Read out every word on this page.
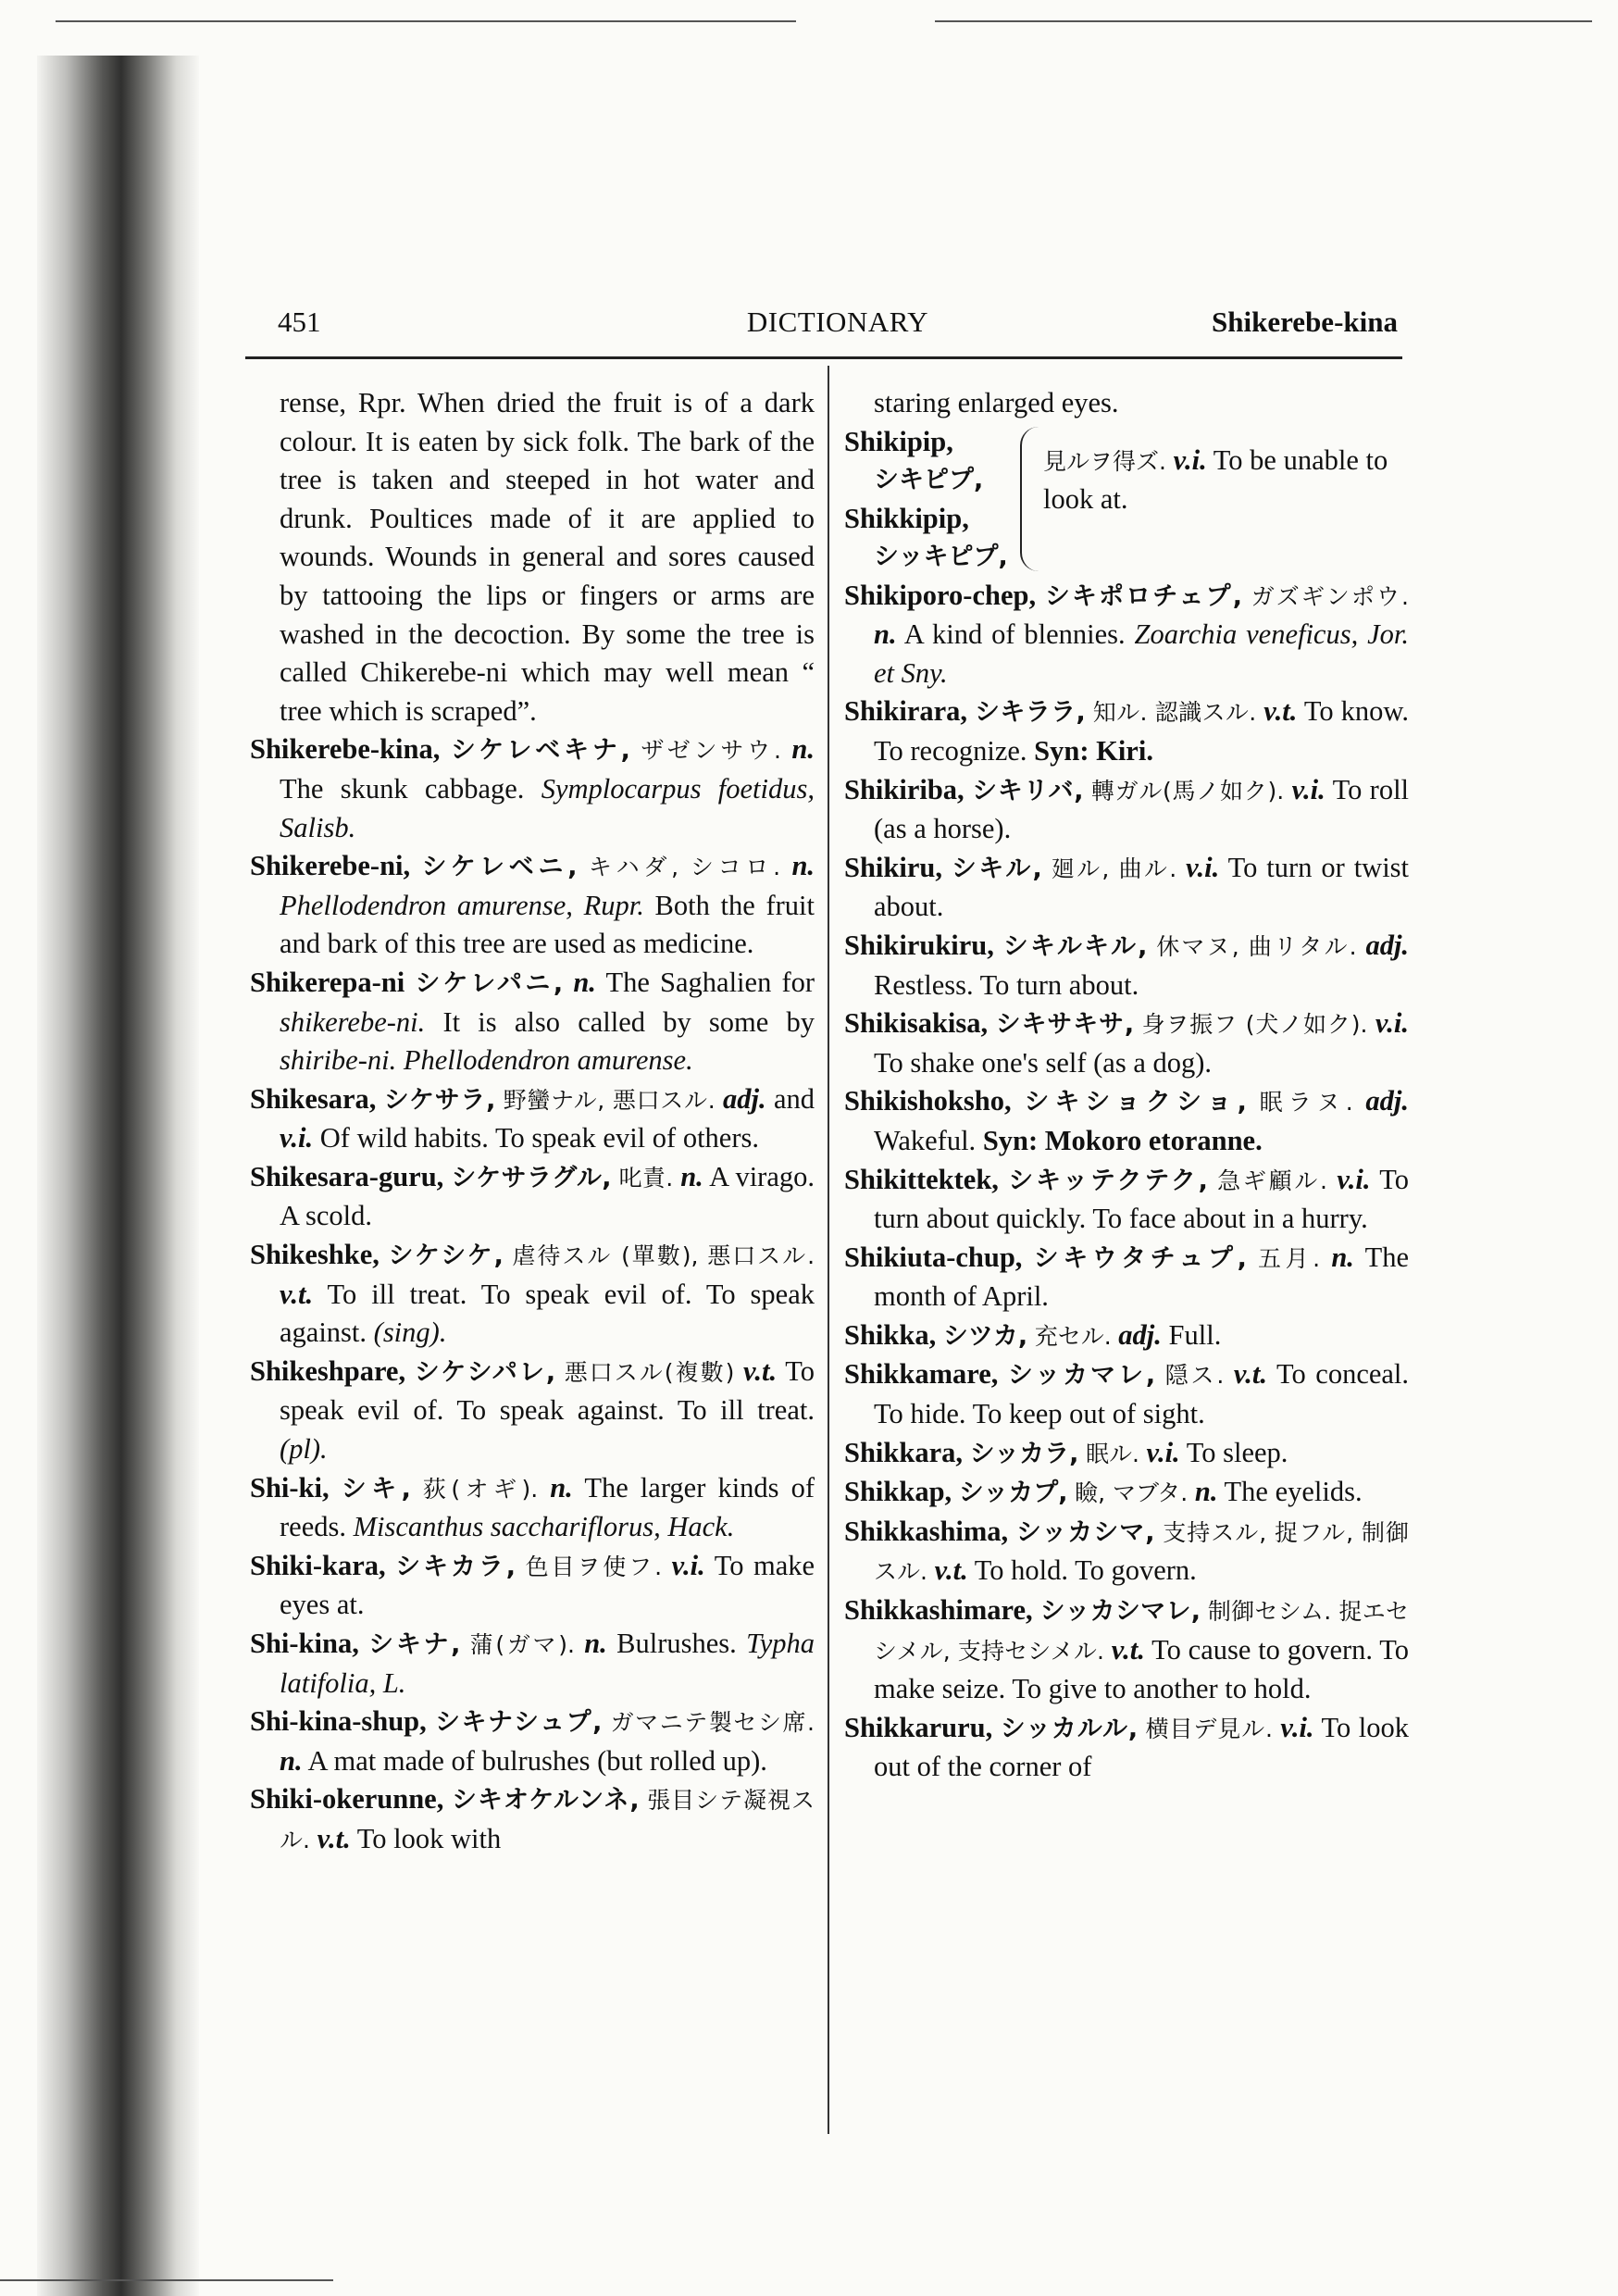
451	DICTIONARY	Shikerebe-kina
rense, Rpr. When dried the fruit is of a dark colour. It is eaten by sick folk. The bark of the tree is taken and steeped in hot water and drunk. Poultices made of it are applied to wounds. Wounds in general and sores caused by tattooing the lips or fingers or arms are washed in the decoction. By some the tree is called Chikerebe-ni which may well mean “ tree which is scraped”.
Shikerebe-kina, シケレベキナ, ザゼンサウ. n. The skunk cabbage. Symplocarpus foetidus, Salisb.
Shikerebe-ni, シケレベニ, キハダ, シコロ. n. Phellodendron amurense, Rupr. Both the fruit and bark of this tree are used as medicine.
Shikerepa-ni シケレパニ, n. The Saghalien for shikerebe-ni. It is also called by some by shiribe-ni. Phellodendron amurense.
Shikesara, シケサラ, 野蠻ナル, 悪口スル. adj. and v.i. Of wild habits. To speak evil of others.
Shikesara-guru, シケサラグル, 叱責. n. A virago. A scold.
Shikeshke, シケシケ, 虐待スル (單數), 悪口スル. v.t. To ill treat. To speak evil of. To speak against. (sing).
Shikeshpare, シケシパレ, 悪口スル(複數) v.t. To speak evil of. To speak against. To ill treat. (pl).
Shi-ki, シキ, 荻(オギ). n. The larger kinds of reeds. Miscanthus sacchariflorus, Hack.
Shiki-kara, シキカラ, 色目ヲ使フ. v.i. To make eyes at.
Shi-kina, シキナ, 蒲(ガマ). n. Bulrushes. Typha latifolia, L.
Shi-kina-shup, シキナシュプ, ガマニテ製セシ席. n. A mat made of bulrushes (but rolled up).
Shiki-okerunne, シキオケルンネ, 張目シテ凝視スル. v.t. To look with
staring enlarged eyes.
Shikipip,
シキピプ,
Shikkipip,
シッキピプ,
見ルヲ得ズ. v.i. To be unable to look at.
Shikiporo-chep, シキポロチェプ, ガズギンポウ. n. A kind of blennies. Zoarchia veneficus, Jor. et Sny.
Shikirara, シキララ, 知ル. 認識スル. v.t. To know. To recognize. Syn: Kiri.
Shikiriba, シキリバ, 轉ガル(馬ノ如ク). v.i. To roll (as a horse).
Shikiru, シキル, 廻ル, 曲ル. v.i. To turn or twist about.
Shikirukiru, シキルキル, 休マヌ, 曲リタル. adj. Restless. To turn about.
Shikisakisa, シキサキサ, 身ヲ振フ (犬ノ如ク). v.i. To shake one's self (as a dog).
Shikishoksho, シキショクショ, 眠ラヌ. adj. Wakeful. Syn: Mokoro etoranne.
Shikittektek, シキッテクテク, 急ギ顧ル. v.i. To turn about quickly. To face about in a hurry.
Shikiuta-chup, シキウタチュプ, 五月. n. The month of April.
Shikka, シツカ, 充セル. adj. Full.
Shikkamare, シッカマレ, 隠ス. v.t. To conceal. To hide. To keep out of sight.
Shikkara, シッカラ, 眠ル. v.i. To sleep.
Shikkap, シッカプ, 瞼, マブタ. n. The eyelids.
Shikkashima, シッカシマ, 支持スル, 捉フル, 制御スル. v.t. To hold. To govern.
Shikkashimare, シッカシマレ, 制御セシム. 捉エセシメル, 支持セシメル. v.t. To cause to govern. To make seize. To give to another to hold.
Shikkaruru, シッカルル, 横目デ見ル. v.i. To look out of the corner of
